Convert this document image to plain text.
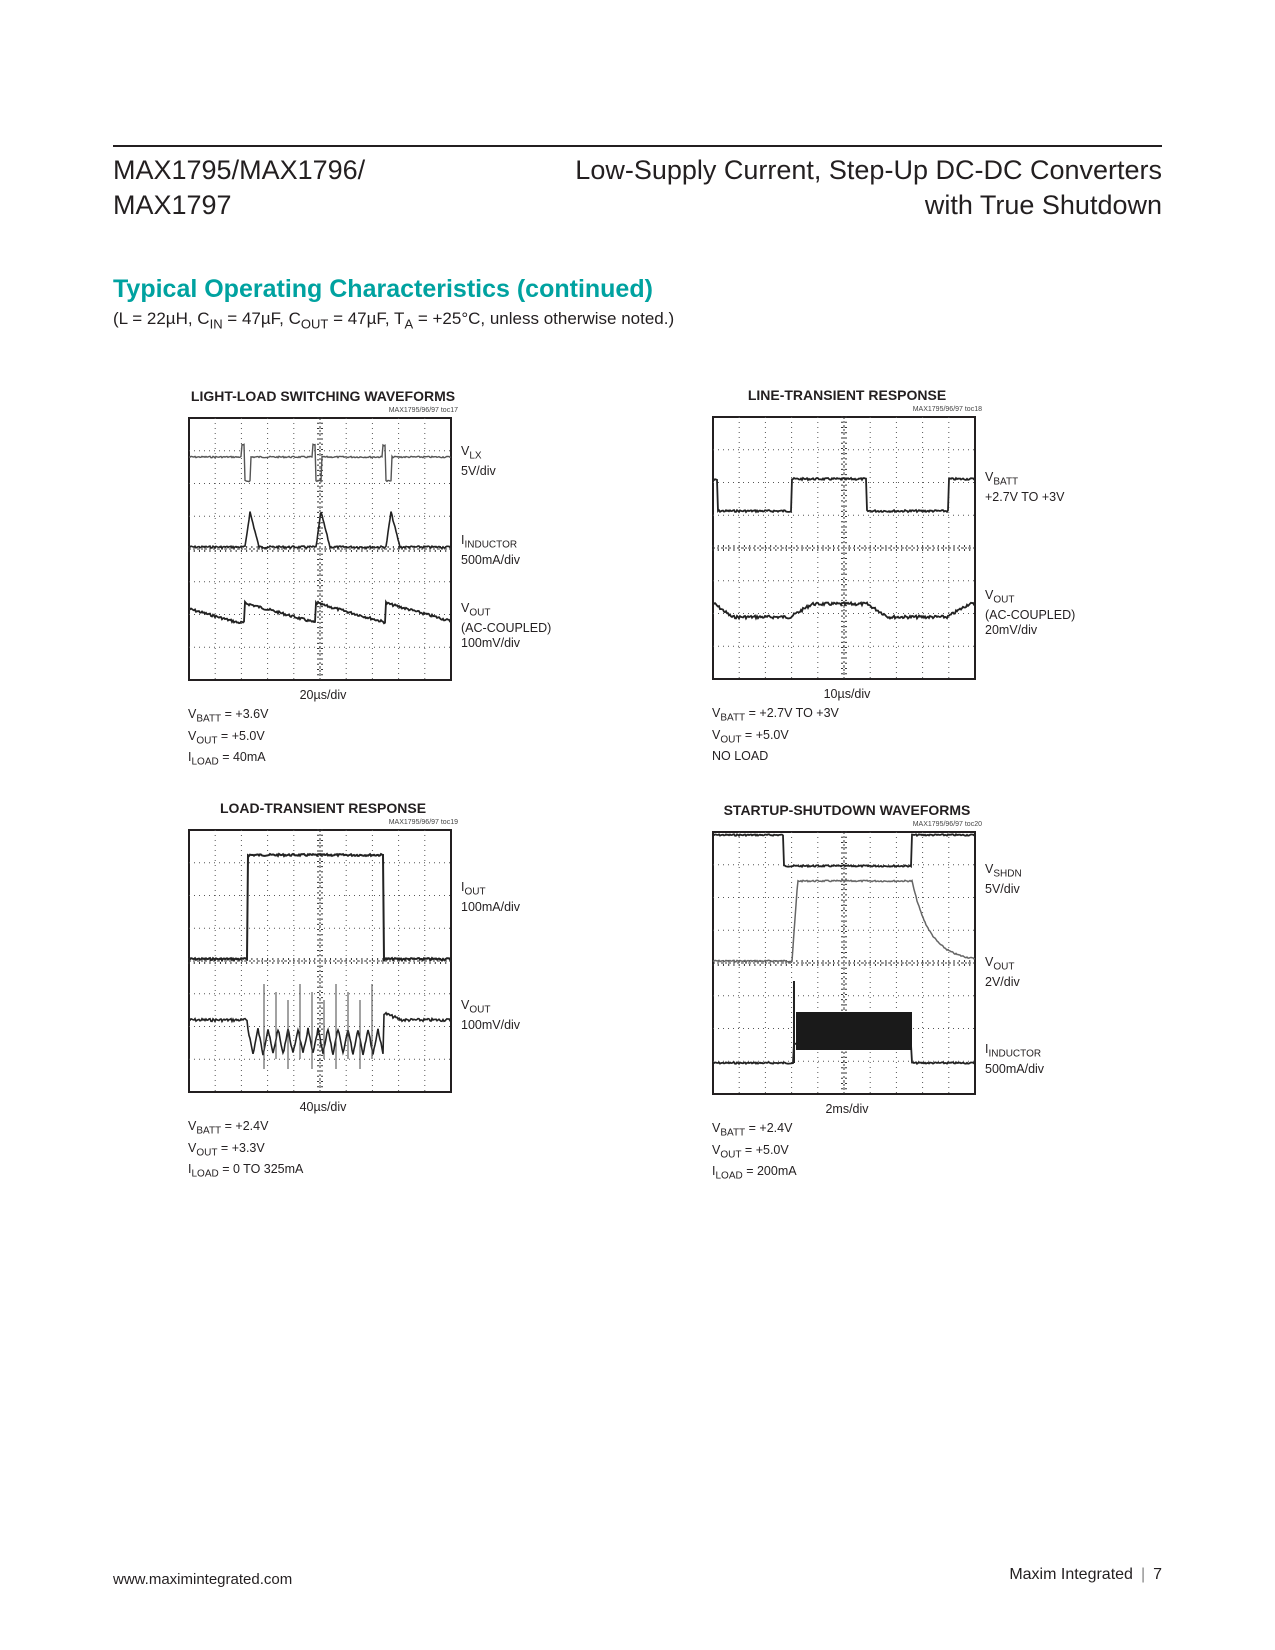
MAX1795/MAX1796/
MAX1797
Low-Supply Current, Step-Up DC-DC Converters
with True Shutdown
Typical Operating Characteristics (continued)
(L = 22µH, $C_{IN} = 47\mu F$, $C_{OUT} = 47\mu F$, $T_A = +25^\circ C$, unless otherwise noted.)
LIGHT-LOAD SWITCHING WAVEFORMS
MAX1795/96/97 toc17
20µs/div
$V_{BATT} = +3.6V$
$V_{OUT} = +5.0V$
$I_{LOAD} = 40mA$
$V_{LX}$
5V/div
$I_{INDUCTOR}$
500mA/div
$V_{OUT}$
(AC-COUPLED)
100mV/div
LINE-TRANSIENT RESPONSE
MAX1795/96/97 toc18
10µs/div
$V_{BATT} = +2.7V$ TO +3V
$V_{OUT} = +5.0V$
NO LOAD
$V_{BATT}$
+2.7V TO +3V
$V_{OUT}$
(AC-COUPLED)
20mV/div
LOAD-TRANSIENT RESPONSE
MAX1795/96/97 toc19
40µs/div
$V_{BATT} = +2.4V$
$V_{OUT} = +3.3V$
$I_{LOAD} = 0$ TO 325mA
$I_{OUT}$
100mA/div
$V_{OUT}$
100mV/div
STARTUP-SHUTDOWN WAVEFORMS
MAX1795/96/97 toc20
2ms/div
$V_{BATT} = +2.4V$
$V_{OUT} = +5.0V$
$I_{LOAD} = 200mA$
$V_{SHDN}$
5V/div
$V_{OUT}$
2V/div
$I_{INDUCTOR}$
500mA/div
www.maximintegrated.com	Maxim Integrated | 7
